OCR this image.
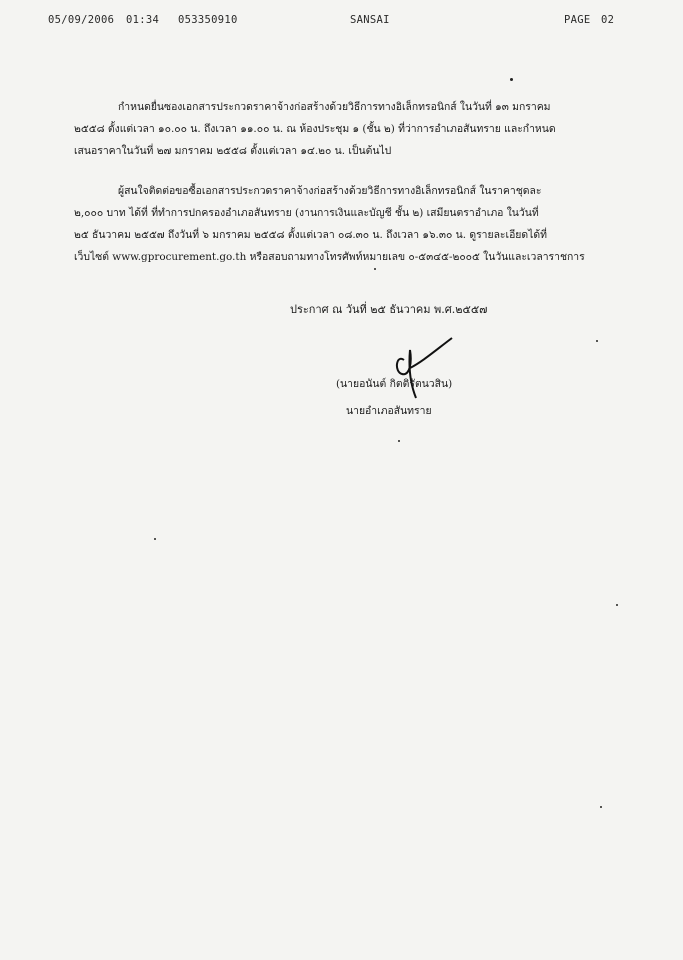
05/09/2006 01:34 053350910	SANSAI	PAGE 02
กำหนดยื่นซองเอกสารประกวดราคาจ้างก่อสร้างด้วยวิธีการทางอิเล็กทรอนิกส์ ในวันที่ ๑๓ มกราคม
๒๕๕๘ ตั้งแต่เวลา ๑๐.๐๐ น. ถึงเวลา ๑๑.๐๐ น. ณ ห้องประชุม ๑ (ชั้น ๒) ที่ว่าการอำเภอสันทราย และกำหนด
เสนอราคาในวันที่ ๒๗ มกราคม ๒๕๕๘ ตั้งแต่เวลา ๑๔.๒๐ น. เป็นต้นไป
ผู้สนใจติดต่อขอซื้อเอกสารประกวดราคาจ้างก่อสร้างด้วยวิธีการทางอิเล็กทรอนิกส์ ในราคาชุดละ
๒,๐๐๐ บาท ได้ที่ ที่ทำการปกครองอำเภอสันทราย (งานการเงินและบัญชี ชั้น ๒) เสมียนตราอำเภอ ในวันที่
๒๕ ธันวาคม ๒๕๕๗ ถึงวันที่ ๖ มกราคม ๒๕๕๘ ตั้งแต่เวลา ๐๘.๓๐ น. ถึงเวลา ๑๖.๓๐ น. ดูรายละเอียดได้ที่
เว็บไซต์ www.gprocurement.go.th หรือสอบถามทางโทรศัพท์หมายเลข ๐-๕๓๔๕-๒๐๐๕ ในวันและเวลาราชการ
ประกาศ ณ วันที่ ๒๕ ธันวาคม พ.ศ.๒๕๕๗
(นายอนันต์ กิตติรัตนวสิน)
นายอำเภอสันทราย
